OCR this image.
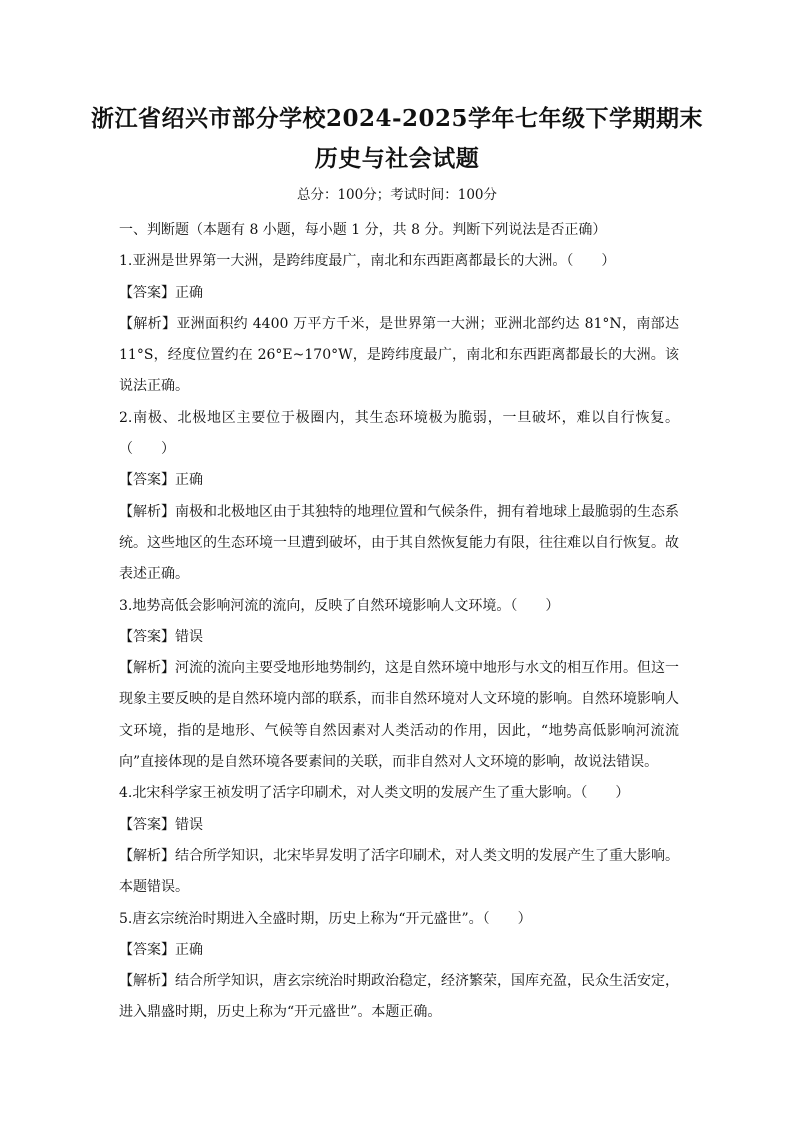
浙江省绍兴市部分学校2024-2025学年七年级下学期期末
历史与社会试题
总分：100分；考试时间：100分

一、判断题（本题有 8 小题，每小题 1 分，共 8 分。判断下列说法是否正确）

1.亚洲是世界第一大洲，是跨纬度最广，南北和东西距离都最长的大洲。（　　）

【答案】正确

【解析】亚洲面积约 4400 万平方千米，是世界第一大洲；亚洲北部约达 81°N，南部达 11°S，经度位置约在 26°E~170°W，是跨纬度最广，南北和东西距离都最长的大洲。该说法正确。

2.南极、北极地区主要位于极圈内，其生态环境极为脆弱，一旦破坏，难以自行恢复。（　　）

【答案】正确

【解析】南极和北极地区由于其独特的地理位置和气候条件，拥有着地球上最脆弱的生态系统。这些地区的生态环境一旦遭到破坏，由于其自然恢复能力有限，往往难以自行恢复。故表述正确。

3.地势高低会影响河流的流向，反映了自然环境影响人文环境。（　　）

【答案】错误

【解析】河流的流向主要受地形地势制约，这是自然环境中地形与水文的相互作用。但这一现象主要反映的是自然环境内部的联系，而非自然环境对人文环境的影响。自然环境影响人文环境，指的是地形、气候等自然因素对人类活动的作用，因此，“地势高低影响河流流向”直接体现的是自然环境各要素间的关联，而非自然对人文环境的影响，故说法错误。

4.北宋科学家王祯发明了活字印刷术，对人类文明的发展产生了重大影响。（　　）

【答案】错误

【解析】结合所学知识，北宋毕昇发明了活字印刷术，对人类文明的发展产生了重大影响。本题错误。

5.唐玄宗统治时期进入全盛时期，历史上称为“开元盛世”。（　　）

【答案】正确

【解析】结合所学知识，唐玄宗统治时期政治稳定，经济繁荣，国库充盈，民众生活安定，进入鼎盛时期，历史上称为“开元盛世”。本题正确。
